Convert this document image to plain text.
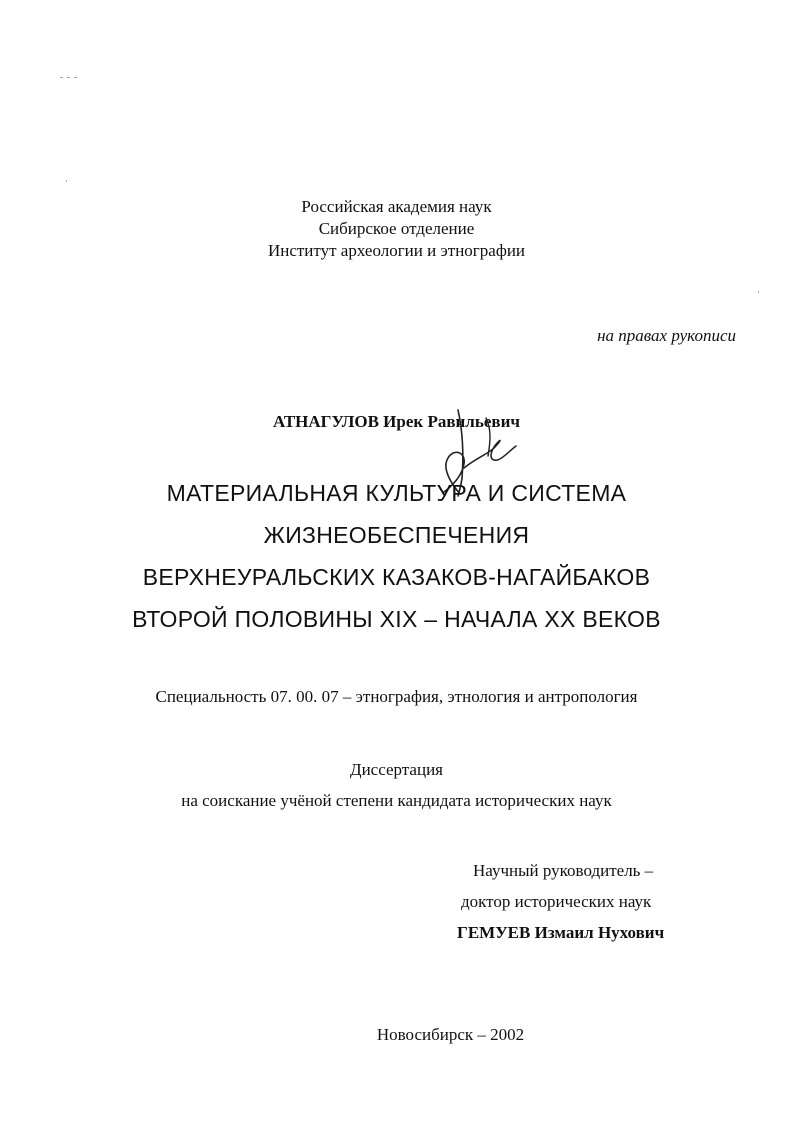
Российская академия наук
Сибирское отделение
Институт археологии и этнографии
на правах рукописи
АТНАГУЛОВ Ирек Равильевич
МАТЕРИАЛЬНАЯ КУЛЬТУРА И СИСТЕМА
ЖИЗНЕОБЕСПЕЧЕНИЯ
ВЕРХНЕУРАЛЬСКИХ КАЗАКОВ-НАГАЙБАКОВ
ВТОРОЙ ПОЛОВИНЫ XIX – НАЧАЛА XX ВЕКОВ
Специальность 07. 00. 07 – этнография, этнология и антропология
Диссертация
на соискание учёной степени кандидата исторических наук
Научный руководитель –
доктор исторических наук
ГЕМУЕВ Измаил Нухович
Новосибирск – 2002
